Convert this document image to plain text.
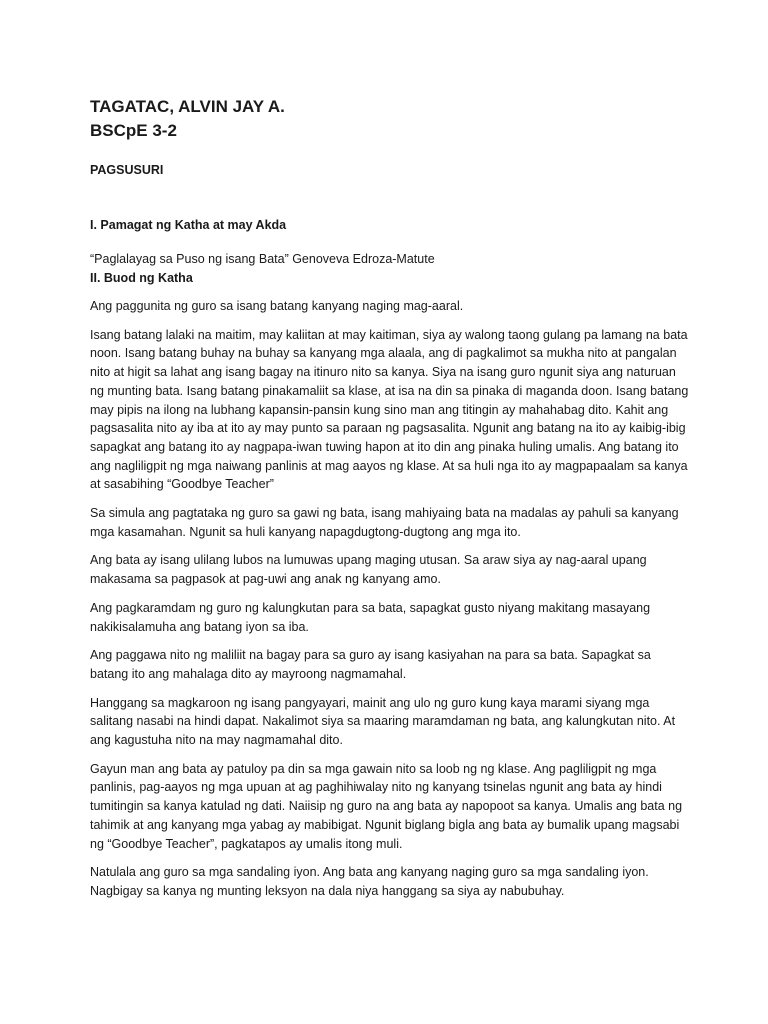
TAGATAC, ALVIN JAY A.

BSCpE 3-2

PAGSUSURI

I. Pamagat ng Katha at may Akda

“Paglalayag sa Puso ng isang Bata” Genoveva Edroza-Matute

II. Buod ng Katha

Ang paggunita ng guro sa isang batang kanyang naging mag-aaral.

Isang batang lalaki na maitim, may kaliitan at may kaitiman, siya ay walong taong gulang pa lamang na bata noon. Isang batang buhay na buhay sa kanyang mga alaala, ang di pagkalimot sa mukha nito at pangalan nito at higit sa lahat ang isang bagay na itinuro nito sa kanya. Siya na isang guro ngunit siya ang naturuan ng munting bata. Isang batang pinakamaliit sa klase, at isa na din sa pinaka di maganda doon. Isang batang may pipis na ilong na lubhang kapansin-pansin kung sino man ang titingin ay mahahabag dito. Kahit ang pagsasalita nito ay iba at ito ay may punto sa paraan ng pagsasalita. Ngunit ang batang na ito ay kaibig-ibig sapagkat ang batang ito ay nagpapa-iwan tuwing hapon at ito din ang pinaka huling umalis. Ang batang ito ang nagliligpit ng mga naiwang panlinis at mag aayos ng klase. At sa huli nga ito ay magpapaalam sa kanya at sasabihing “Goodbye Teacher”

Sa simula ang pagtataka ng guro sa gawi ng bata, isang mahiyaing bata na madalas ay pahuli sa kanyang mga kasamahan. Ngunit sa huli kanyang napagdugtong-dugtong ang mga ito.

Ang bata ay isang ulilang lubos na lumuwas upang maging utusan. Sa araw siya ay nag-aaral upang makasama sa pagpasok at pag-uwi ang anak ng kanyang amo.

Ang pagkaramdam ng guro ng kalungkutan para sa bata, sapagkat gusto niyang makitang masayang nakikisalamuha ang batang iyon sa iba.

Ang paggawa nito ng maliliit na bagay para sa guro ay isang kasiyahan na para sa bata. Sapagkat sa batang ito ang mahalaga dito ay mayroong nagmamahal.

Hanggang sa magkaroon ng isang pangyayari, mainit ang ulo ng guro kung kaya marami siyang mga salitang nasabi na hindi dapat. Nakalimot siya sa maaring maramdaman ng bata, ang kalungkutan nito. At ang kagustuha nito na may nagmamahal dito.

Gayun man ang bata ay patuloy pa din sa mga gawain nito sa loob ng ng klase. Ang pagliligpit ng mga panlinis, pag-aayos ng mga upuan at ag paghihiwalay nito ng kanyang tsinelas ngunit ang bata ay hindi tumitingin sa kanya katulad ng dati. Naiisip ng guro na ang bata ay napopoot sa kanya. Umalis ang bata ng tahimik at ang kanyang mga yabag ay mabibigat. Ngunit biglang bigla ang bata ay bumalik upang magsabi ng “Goodbye Teacher”, pagkatapos ay umalis itong muli.

Natulala ang guro sa mga sandaling iyon. Ang bata ang kanyang naging guro sa mga sandaling iyon. Nagbigay sa kanya ng munting leksyon na dala niya hanggang sa siya ay nabubuhay.
